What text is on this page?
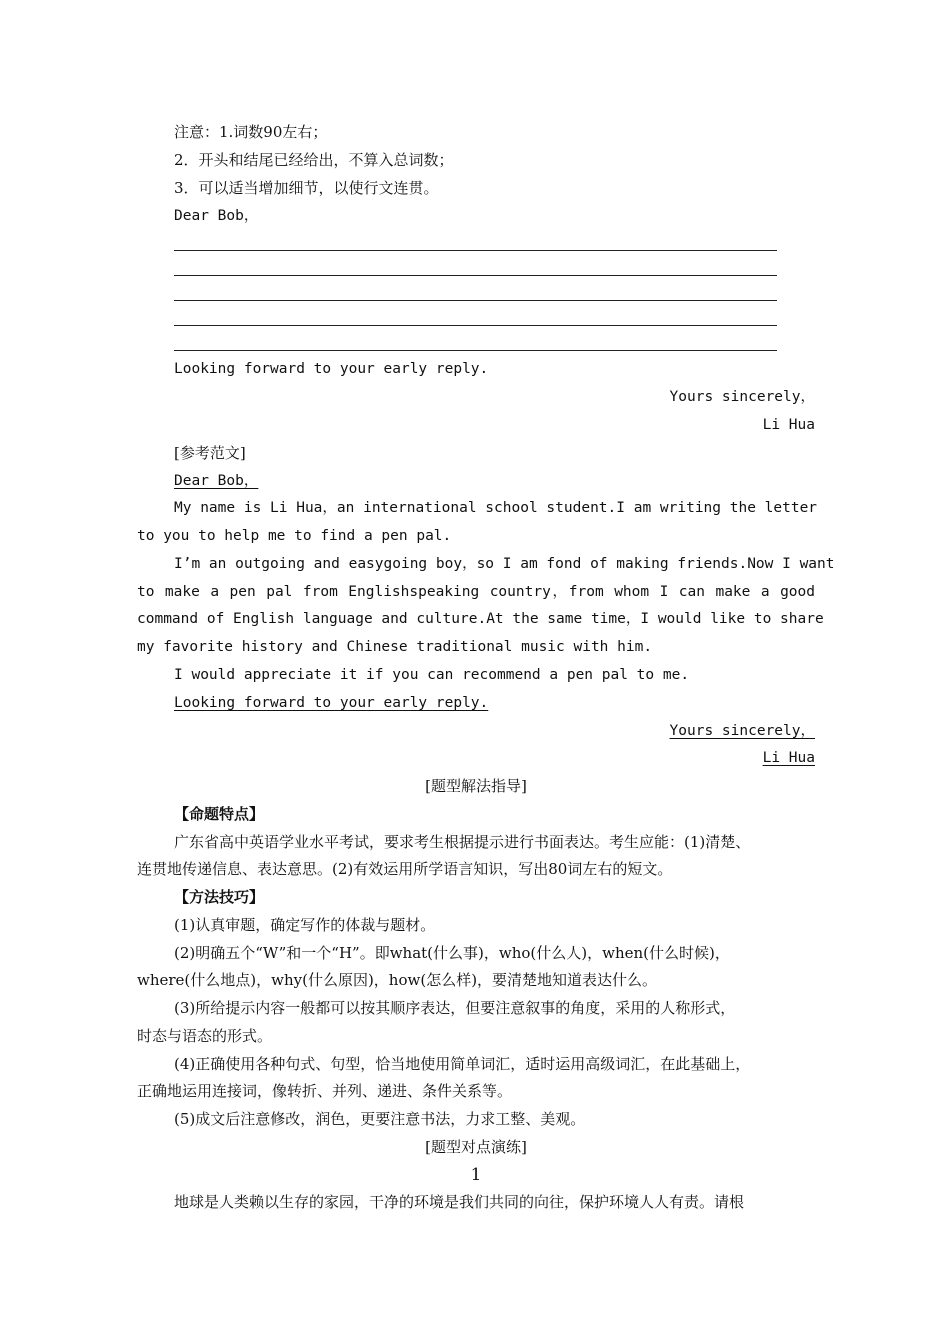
注意：1.词数90左右；
2．开头和结尾已经给出，不算入总词数；
3．可以适当增加细节，以使行文连贯。
Dear Bob，
Looking forward to your early reply.
Yours sincerely，
Li Hua
[参考范文]
Dear Bob，
My name is Li Hua，an international school student.I am writing the letter
to you to help me to find a pen pal.
I’m an outgoing and easygoing boy，so I am fond of making friends.Now I want
to make a pen pal from Englishspeaking country，from whom I can make a good
command of English language and culture.At the same time，I would like to share
my favorite history and Chinese traditional music with him.
I would appreciate it if you can recommend a pen pal to me.
Looking forward to your early reply.
Yours sincerely，
Li Hua
[题型解法指导]
【命题特点】
广东省高中英语学业水平考试，要求考生根据提示进行书面表达。考生应能：(1)清楚、
连贯地传递信息、表达意思。(2)有效运用所学语言知识，写出80词左右的短文。
【方法技巧】
(1)认真审题，确定写作的体裁与题材。
(2)明确五个“W”和一个“H”。即what(什么事)，who(什么人)，when(什么时候)，
where(什么地点)，why(什么原因)，how(怎么样)，要清楚地知道表达什么。
(3)所给提示内容一般都可以按其顺序表达，但要注意叙事的角度，采用的人称形式，
时态与语态的形式。
(4)正确使用各种句式、句型，恰当地使用简单词汇，适时运用高级词汇，在此基础上，
正确地运用连接词，像转折、并列、递进、条件关系等。
(5)成文后注意修改，润色，更要注意书法，力求工整、美观。
[题型对点演练]
1
地球是人类赖以生存的家园，干净的环境是我们共同的向往，保护环境人人有责。请根
